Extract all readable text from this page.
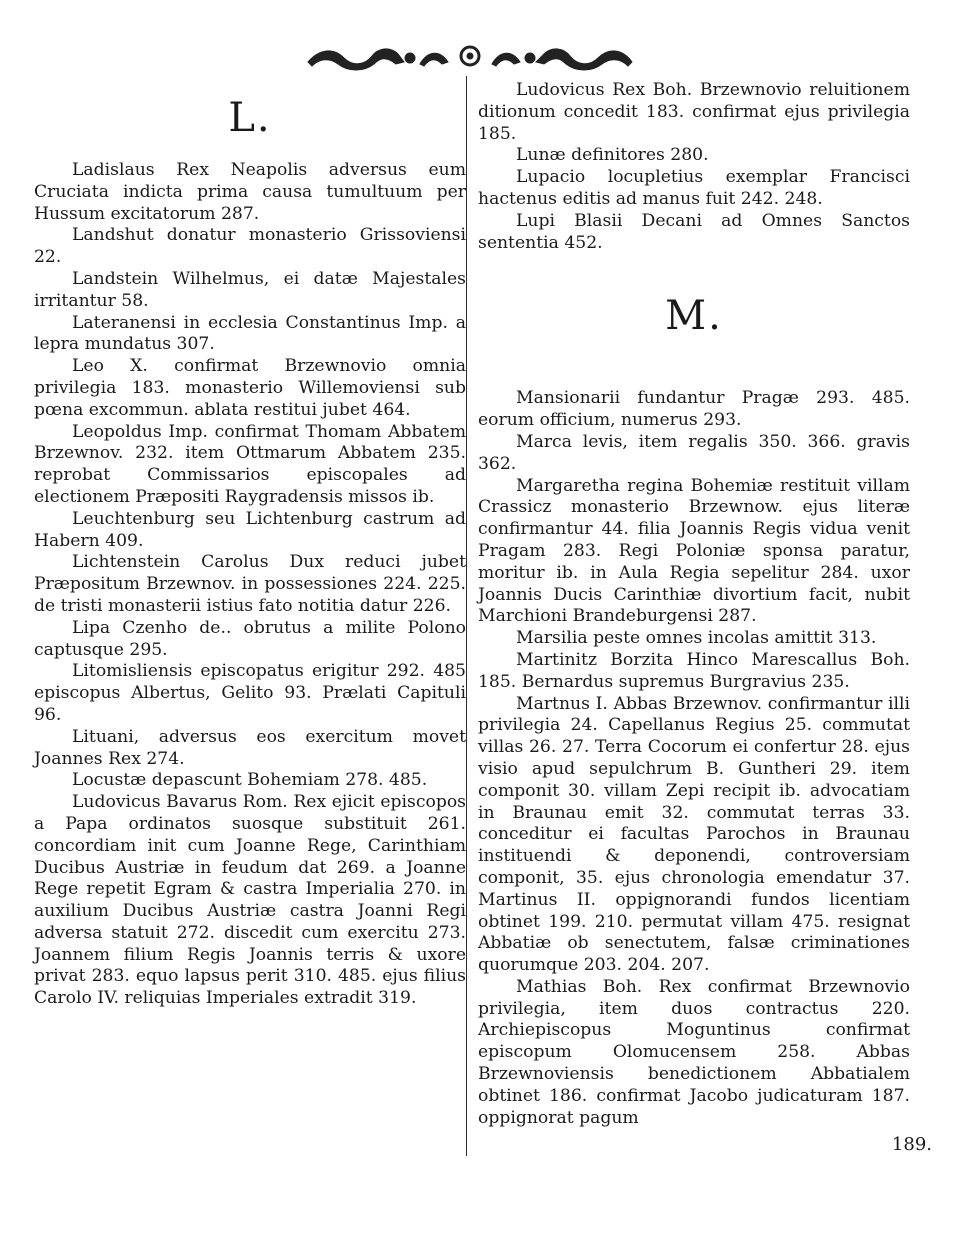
L.

Ladislaus Rex Neapolis adversus eum Cruciata indicta prima causa tumultuum per Hussum excitatorum 287.

Landshut donatur monasterio Grissoviensi 22.

Landstein Wilhelmus, ei datæ Majestales irritantur 58.

Lateranensi in ecclesia Constantinus Imp. a lepra mundatus 307.

Leo X. confirmat Brzewnovio omnia privilegia 183. monasterio Willemoviensi sub pœna excommun. ablata restitui jubet 464.

Leopoldus Imp. confirmat Thomam Abbatem Brzewnov. 232. item Ottmarum Abbatem 235. reprobat Commissarios episcopales ad electionem Præpositi Raygradensis missos ib.

Leuchtenburg seu Lichtenburg castrum ad Habern 409.

Lichtenstein Carolus Dux reduci jubet Præpositum Brzewnov. in possessiones 224. 225. de tristi monasterii istius fato notitia datur 226.

Lipa Czenho de.. obrutus a milite Polono captusque 295.

Litomisliensis episcopatus erigitur 292. 485 episcopus Albertus, Gelito 93. Prælati Capituli 96.

Lituani, adversus eos exercitum movet Joannes Rex 274.

Locustæ depascunt Bohemiam 278. 485.

Ludovicus Bavarus Rom. Rex ejicit episcopos a Papa ordinatos suosque substituit 261. concordiam init cum Joanne Rege, Carinthiam Ducibus Austriæ in feudum dat 269. a Joanne Rege repetit Egram & castra Imperialia 270. in auxilium Ducibus Austriæ castra Joanni Regi adversa statuit 272. discedit cum exercitu 273. Joannem filium Regis Joannis terris & uxore privat 283. equo lapsus perit 310. 485. ejus filius Carolo IV. reliquias Imperiales extradit 319.

Ludovicus Rex Boh. Brzewnovio reluitionem ditionum concedit 183. confirmat ejus privilegia 185.

Lunæ definitores 280.

Lupacio locupletius exemplar Francisci hactenus editis ad manus fuit 242. 248.

Lupi Blasii Decani ad Omnes Sanctos sententia 452.

M.

Mansionarii fundantur Pragæ 293. 485. eorum officium, numerus 293.

Marca levis, item regalis 350. 366. gravis 362.

Margaretha regina Bohemiæ restituit villam Crassicz monasterio Brzewnow. ejus literæ confirmantur 44. filia Joannis Regis vidua venit Pragam 283. Regi Poloniæ sponsa paratur, moritur ib. in Aula Regia sepelitur 284. uxor Joannis Ducis Carinthiæ divortium facit, nubit Marchioni Brandeburgensi 287.

Marsilia peste omnes incolas amittit 313.

Martinitz Borzita Hinco Marescallus Boh. 185. Bernardus supremus Burgravius 235.

Martnus I. Abbas Brzewnov. confirmantur illi privilegia 24. Capellanus Regius 25. commutat villas 26. 27. Terra Cocorum ei confertur 28. ejus visio apud sepulchrum B. Guntheri 29. item componit 30. villam Zepi recipit ib. advocatiam in Braunau emit 32. commutat terras 33. conceditur ei facultas Parochos in Braunau instituendi & deponendi, controversiam componit, 35. ejus chronologia emendatur 37. Martinus II. oppignorandi fundos licentiam obtinet 199. 210. permutat villam 475. resignat Abbatiæ ob senectutem, falsæ criminationes quorumque 203. 204. 207.

Mathias Boh. Rex confirmat Brzewnovio privilegia, item duos contractus 220. Archiepiscopus Moguntinus confirmat episcopum Olomucensem 258. Abbas Brzewnoviensis benedictionem Abbatialem obtinet 186. confirmat Jacobo judicaturam 187. oppignorat pagum

189.
